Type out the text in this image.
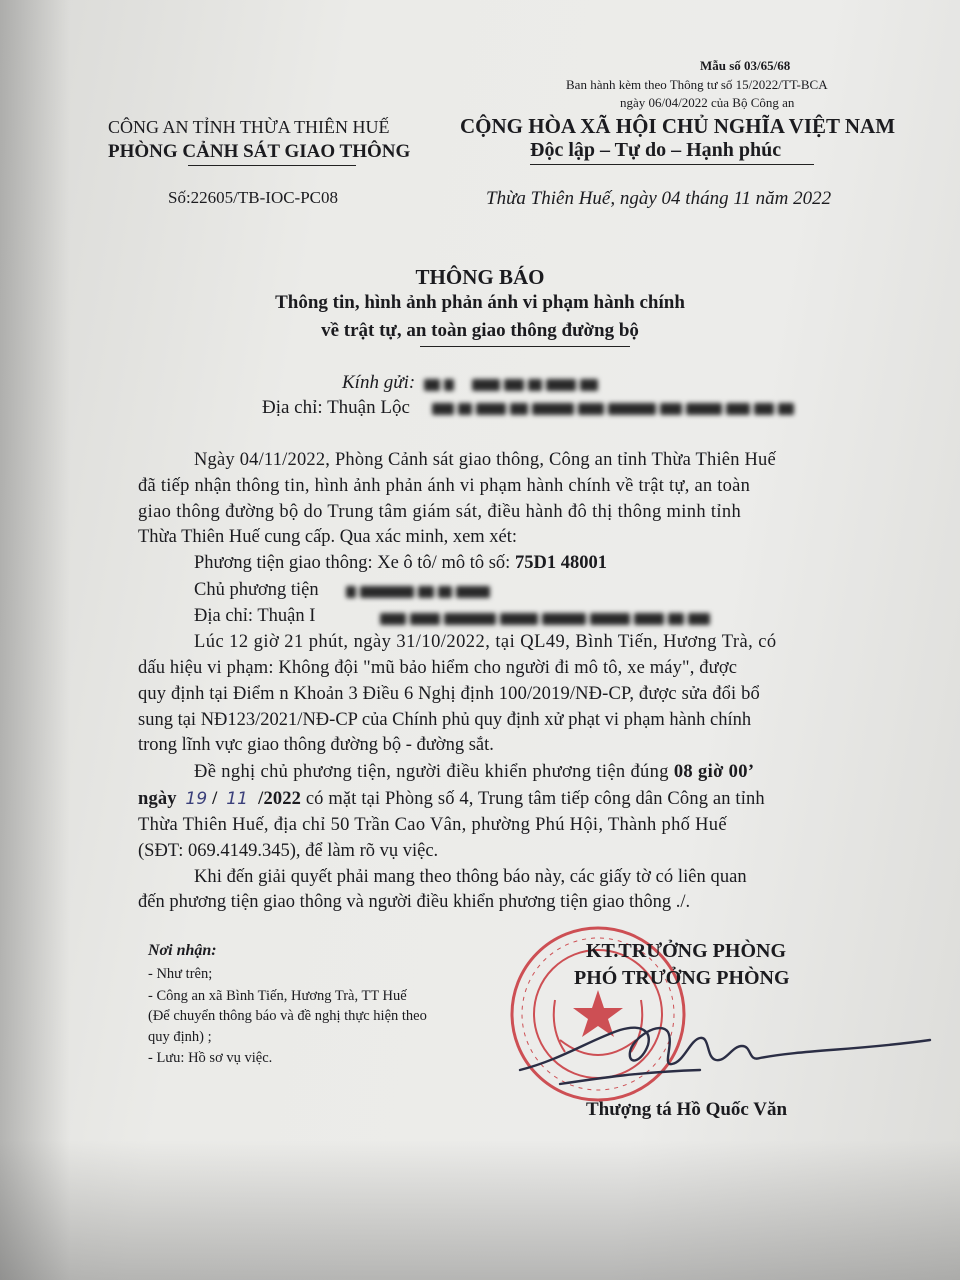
Mẫu số 03/65/68
Ban hành kèm theo Thông tư số 15/2022/TT-BCA
ngày 06/04/2022 của Bộ Công an
CÔNG AN TỈNH THỪA THIÊN HUẾ
PHÒNG CẢNH SÁT GIAO THÔNG
CỘNG HÒA XÃ HỘI CHỦ NGHĨA VIỆT NAM
Độc lập – Tự do – Hạnh phúc
Số:22605/TB-IOC-PC08	Thừa Thiên Huế, ngày 04 tháng 11 năm 2022
THÔNG BÁO
Thông tin, hình ảnh phản ánh vi phạm hành chính
về trật tự, an toàn giao thông đường bộ
Kính gửi:
Địa chỉ: Thuận Lộc
Ngày 04/11/2022, Phòng Cảnh sát giao thông, Công an tỉnh Thừa Thiên Huế
đã tiếp nhận thông tin, hình ảnh phản ánh vi phạm hành chính về trật tự, an toàn
giao thông đường bộ do Trung tâm giám sát, điều hành đô thị thông minh tỉnh
Thừa Thiên Huế cung cấp. Qua xác minh, xem xét:
Phương tiện giao thông: Xe ô tô/ mô tô số: 75D1 48001
Chủ phương tiện
Địa chỉ: Thuận I
Lúc 12 giờ 21 phút, ngày 31/10/2022, tại QL49, Bình Tiến, Hương Trà, có
dấu hiệu vi phạm: Không đội "mũ bảo hiểm cho người đi mô tô, xe máy", được
quy định tại Điểm n Khoản 3 Điều 6 Nghị định 100/2019/NĐ-CP, được sửa đổi bổ
sung tại NĐ123/2021/NĐ-CP của Chính phủ quy định xử phạt vi phạm hành chính
trong lĩnh vực giao thông đường bộ - đường sắt.
Đề nghị chủ phương tiện, người điều khiển phương tiện đúng 08 giờ 00’
ngày 19 / 11 /2022 có mặt tại Phòng số 4, Trung tâm tiếp công dân Công an tỉnh
Thừa Thiên Huế, địa chỉ 50 Trần Cao Vân, phường Phú Hội, Thành phố Huế
(SĐT: 069.4149.345), để làm rõ vụ việc.
Khi đến giải quyết phải mang theo thông báo này, các giấy tờ có liên quan
đến phương tiện giao thông và người điều khiển phương tiện giao thông ./.
Nơi nhận:
- Như trên;
- Công an xã Bình Tiến, Hương Trà, TT Huế
(Để chuyển thông báo và đề nghị thực hiện theo
quy định) ;
- Lưu: Hồ sơ vụ việc.
KT.TRƯỞNG PHÒNG
PHÓ TRƯỞNG PHÒNG
Thượng tá Hồ Quốc Văn
